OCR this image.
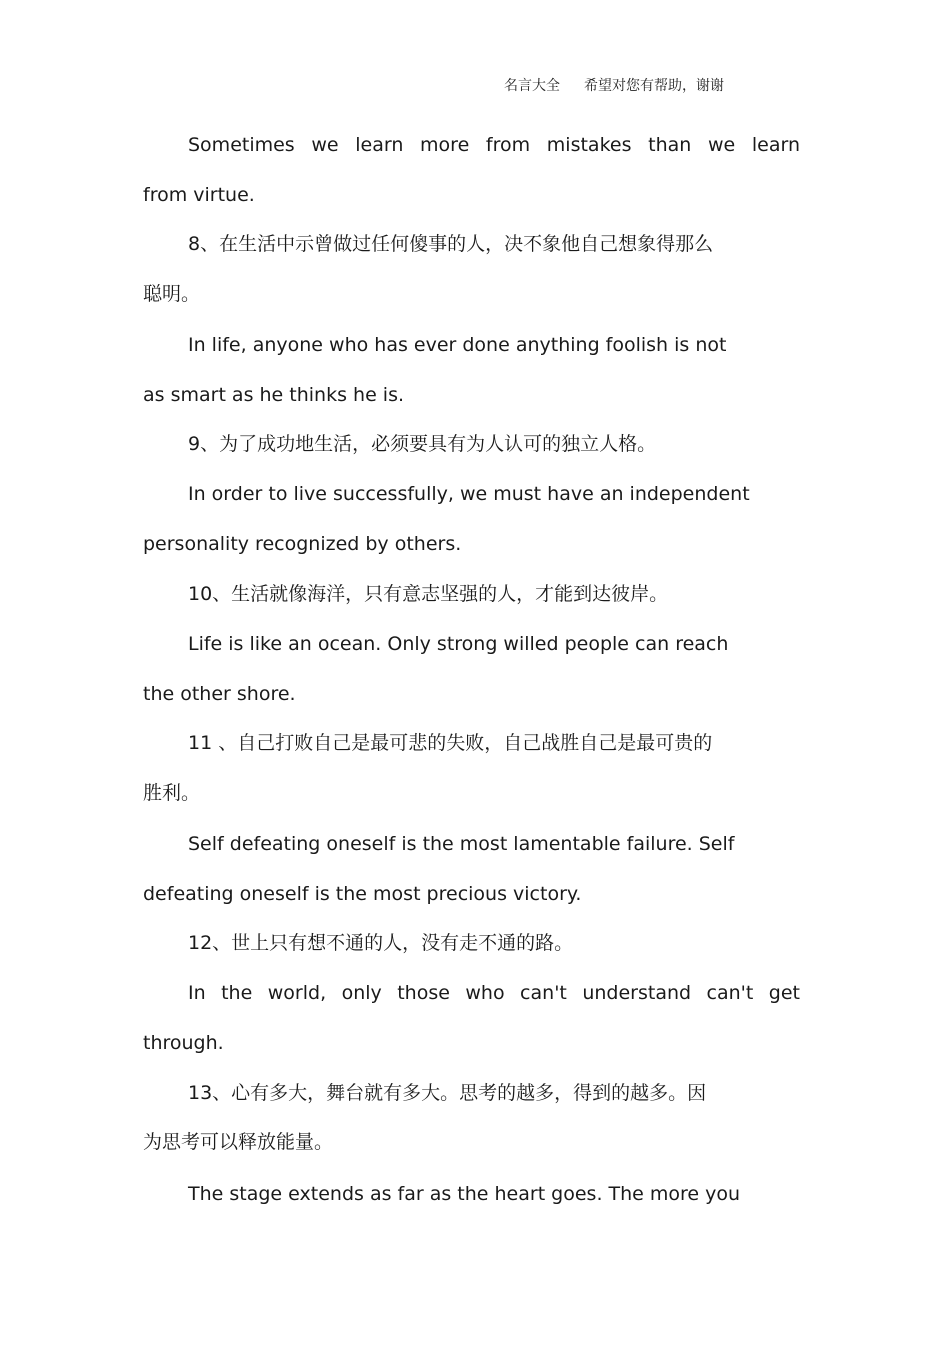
名言大全 希望对您有帮助，谢谢
Sometimes we learn more from mistakes than we learn
from virtue.
8、在生活中示曾做过任何傻事的人，决不象他自己想象得那么
聪明。
In life, anyone who has ever done anything foolish is not
as smart as he thinks he is.
9、为了成功地生活，必须要具有为人认可的独立人格。
In order to live successfully, we must have an independent
personality recognized by others.
10、生活就像海洋，只有意志坚强的人，才能到达彼岸。
Life is like an ocean. Only strong willed people can reach
the other shore.
11 、自己打败自己是最可悲的失败，自己战胜自己是最可贵的
胜利。
Self defeating oneself is the most lamentable failure. Self
defeating oneself is the most precious victory.
12、世上只有想不通的人，没有走不通的路。
In the world, only those who can't understand can't get
through.
13、心有多大，舞台就有多大。思考的越多，得到的越多。因
为思考可以释放能量。
The stage extends as far as the heart goes. The more you
